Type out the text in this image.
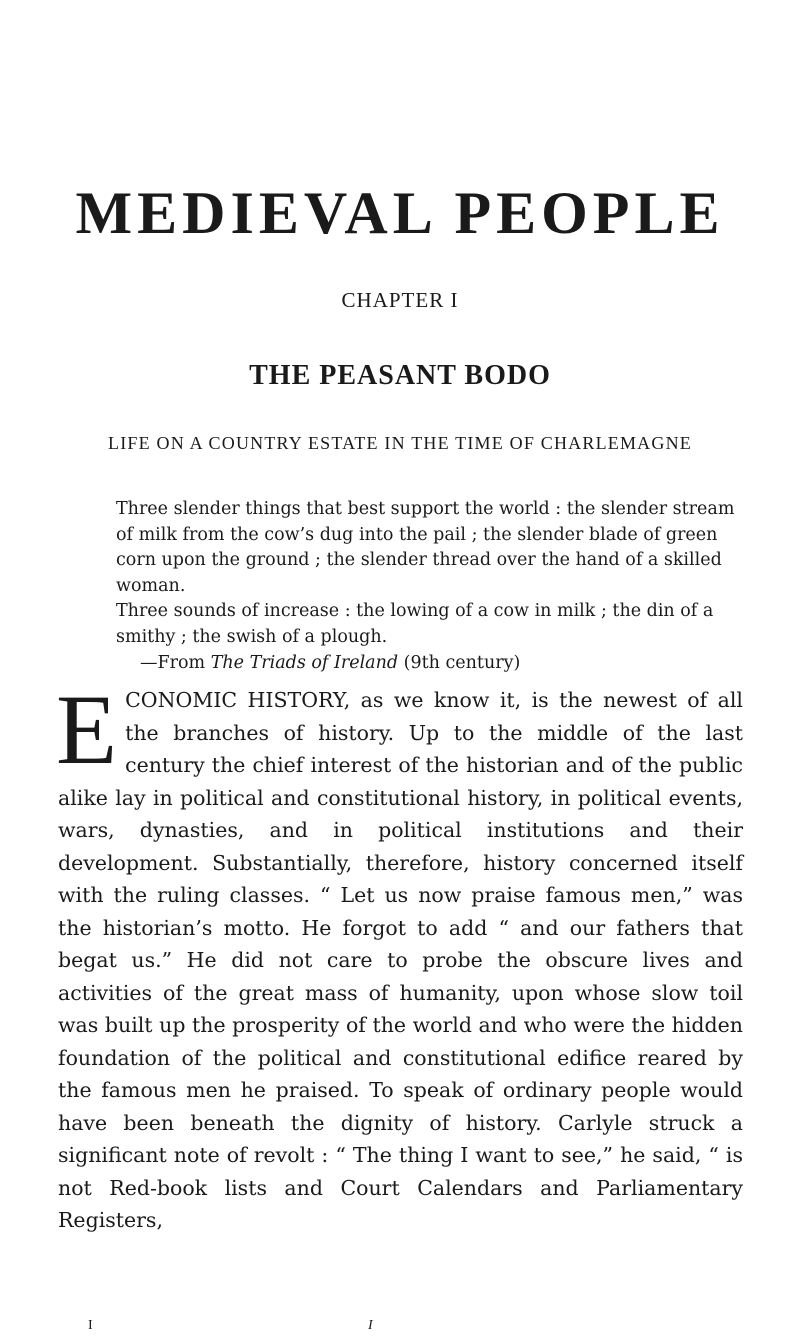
MEDIEVAL PEOPLE

CHAPTER I

THE PEASANT BODO

LIFE ON A COUNTRY ESTATE IN THE TIME OF CHARLEMAGNE

Three slender things that best support the world : the slender stream of milk from the cow’s dug into the pail ; the slender blade of green corn upon the ground ; the slender thread over the hand of a skilled woman.

Three sounds of increase : the lowing of a cow in milk ; the din of a smithy ; the swish of a plough.

—From The Triads of Ireland (9th century)

ECONOMIC HISTORY, as we know it, is the newest of all the branches of history. Up to the middle of the last century the chief interest of the historian and of the public alike lay in political and constitutional history, in political events, wars, dynasties, and in political institutions and their development. Substantially, therefore, history concerned itself with the ruling classes. “ Let us now praise famous men,” was the historian’s motto. He forgot to add “ and our fathers that begat us.” He did not care to probe the obscure lives and activities of the great mass of humanity, upon whose slow toil was built up the prosperity of the world and who were the hidden foundation of the political and constitutional edifice reared by the famous men he praised. To speak of ordinary people would have been beneath the dignity of history. Carlyle struck a significant note of revolt : “ The thing I want to see,” he said, “ is not Red-book lists and Court Calendars and Parliamentary Registers,

I	I
